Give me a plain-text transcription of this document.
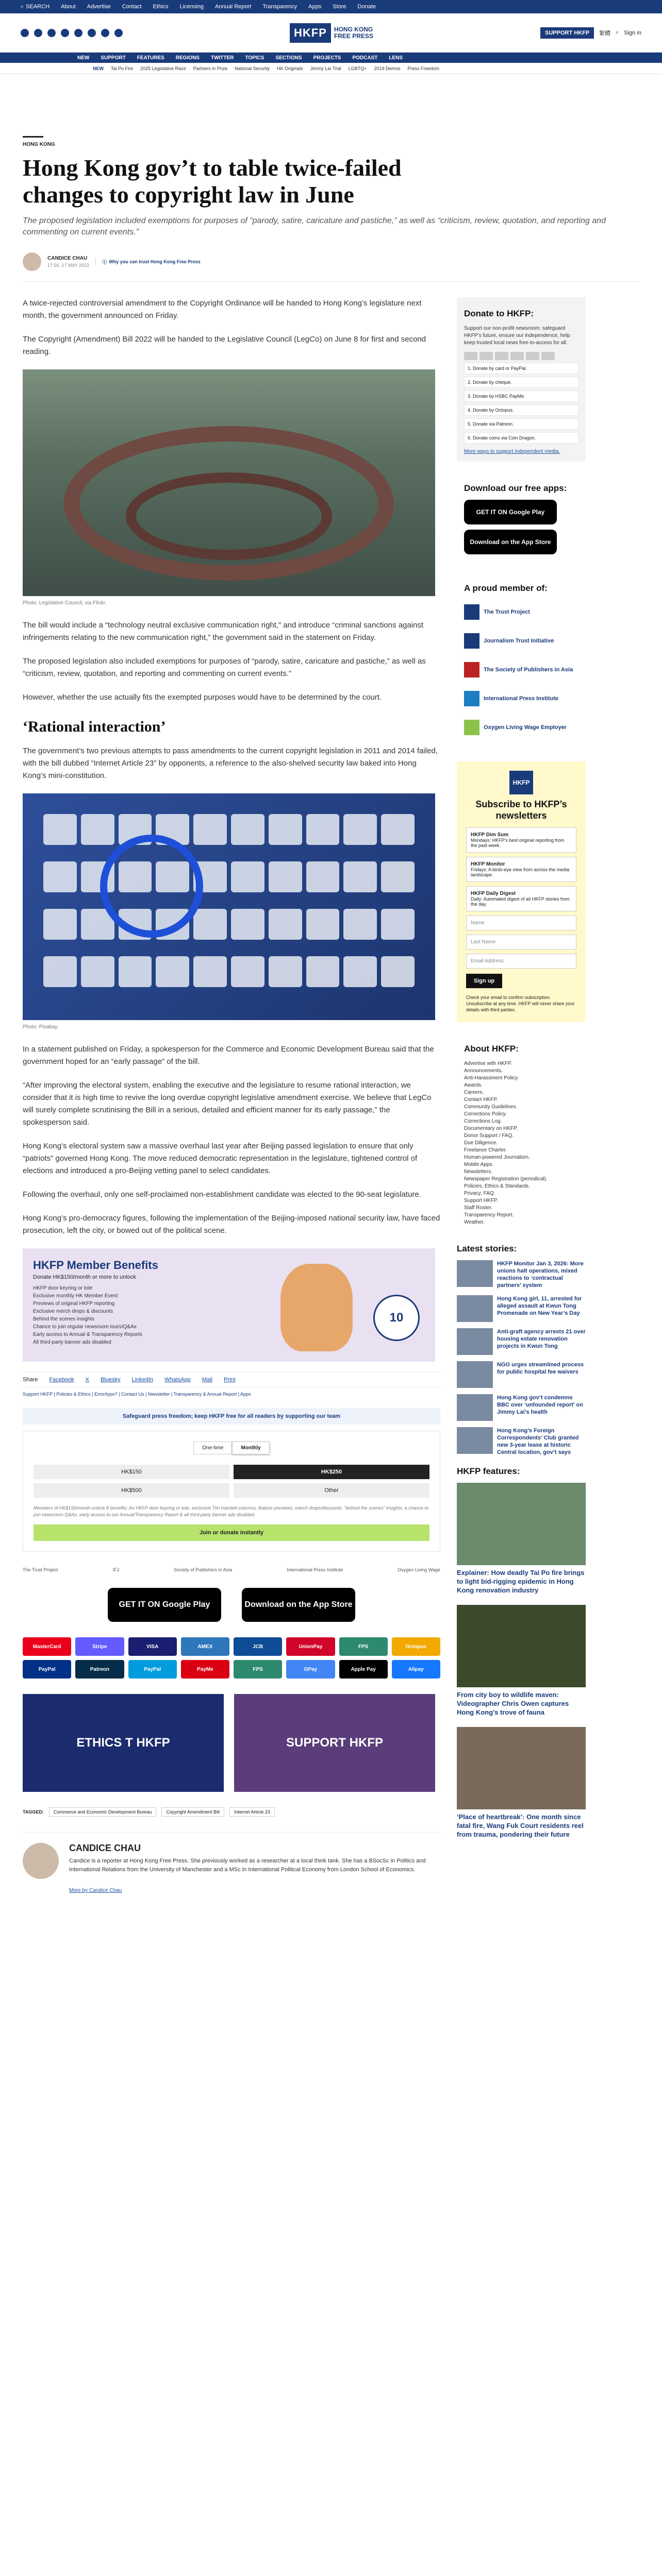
⌕ SEARCH About Advertise Contact Ethics Licensing Annual Report Transparency Apps Store Donate
HKFP	HONG KONG
FREE PRESS	SUPPORT HKFP	繁體 ⌕ Sign in
NEW SUPPORT FEATURES REGIONS TWITTER TOPICS SECTIONS PROJECTS PODCAST LENS
NEW Tai Po Fire 2025 Legislative Race Partners in Prize National Security HK Originals Jimmy Lai Trial LGBTQ+ 2019 Demos Press Freedom
HONG KONG
Hong Kong gov’t to table twice-failed changes to copyright law in June
The proposed legislation included exemptions for purposes of “parody, satire, caricature and pastiche,” as well as “criticism, review, quotation, and reporting and commenting on current events.”
CANDICE CHAU
17:56, 27 MAY 2022
ⓘ Why you can trust Hong Kong Free Press

A twice-rejected controversial amendment to the Copyright Ordinance will be handed to Hong Kong’s legislature next month, the government announced on Friday.

The Copyright (Amendment) Bill 2022 will be handed to the Legislative Council (LegCo) on June 8 for first and second reading.

Photo: Legislative Council, via Flickr.

The bill would include a “technology neutral exclusive communication right,” and introduce “criminal sanctions against infringements relating to the new communication right,” the government said in the statement on Friday.

The proposed legislation also included exemptions for purposes of “parody, satire, caricature and pastiche,” as well as “criticism, review, quotation, and reporting and commenting on current events.”

However, whether the use actually fits the exempted purposes would have to be determined by the court.

‘Rational interaction’

The government’s two previous attempts to pass amendments to the current copyright legislation in 2011 and 2014 failed, with the bill dubbed “Internet Article 23” by opponents, a reference to the also-shelved security law baked into Hong Kong’s mini-constitution.

Photo: Pixabay.

In a statement published on Friday, a spokesperson for the Commerce and Economic Development Bureau said that the government hoped for an “early passage” of the bill.

“After improving the electoral system, enabling the executive and the legislature to resume rational interaction, we consider that it is high time to revive the long overdue copyright legislative amendment exercise. We believe that LegCo will surely complete scrutinising the Bill in a serious, detailed and efficient manner for its early passage,” the spokesperson said.

Hong Kong’s electoral system saw a massive overhaul last year after Beijing passed legislation to ensure that only “patriots” governed Hong Kong. The move reduced democratic representation in the legislature, tightened control of elections and introduced a pro-Beijing vetting panel to select candidates.

Following the overhaul, only one self-proclaimed non-establishment candidate was elected to the 90-seat legislature.

Hong Kong’s pro-democracy figures, following the implementation of the Beijing-imposed national security law, have faced prosecution, left the city, or bowed out of the political scene.

HKFP Member Benefits
Donate HK$150/month or more to unlock
HKFP door keyring or tote
Exclusive monthly HK Member Event
Previews of original HKFP reporting
Exclusive merch drops & discounts
Behind the scenes insights
Chance to join regular newsroom tours/Q&As
Early access to Annual & Transparency Reports
All third-party banner ads disabled
10
Share Facebook X Bluesky LinkedIn WhatsApp Mail Print
Support HKFP | Policies & Ethics | Error/typo? | Contact Us | Newsletter | Transparency & Annual Report | Apps
Safeguard press freedom; keep HKFP free for all readers by supporting our team
One-time	Monthly
HK$150	HK$250
HK$500	Other
Members of HK$150/month unlock 8 benefits: An HKFP door keyring or tote, exclusive Tim Hamlett columns, feature previews, merch drops/discounts, “behind the scenes” insights, a chance to join newsroom Q&As, early access to our Annual/Transparency Report & all third-party banner ads disabled.
Join or donate instantly
The Trust Project	IFJ	Society of Publishers in Asia	International Press Institute	Oxygen Living Wage
GET IT ON Google Play	Download on the App Store
MasterCard	Stripe	VISA	AMEX	JCB	UnionPay	FPS	Octopus
PayPal	Patreon	PayPal	PayMe	FPS	GPay	Apple Pay	Alipay
ETHICS T HKFP	SUPPORT HKFP
TAGGED:	Commerce and Economic Development Bureau	Copyright Amendment Bill	Internet Article 23
CANDICE CHAU

Candice is a reporter at Hong Kong Free Press. She previously worked as a researcher at a local think tank. She has a BSocSc in Politics and International Relations from the University of Manchester and a MSc in International Political Economy from London School of Economics.

More by Candice Chau
Donate to HKFP:

Support our non-profit newsroom: safeguard HKFP’s future, ensure our independence, help keep trusted local news free-to-access for all.

1. Donate by card or PayPal.
2. Donate by cheque.
3. Donate by HSBC PayMe.
4. Donate by Octopus.
5. Donate via Patreon.
6. Donate coins via Coin Dragon.
More ways to support independent media.
Download our free apps:
GET IT ON Google Play
Download on the App Store
A proud member of:
The Trust Project
Journalism Trust Initiative
The Society of Publishers in Asia
International Press Institute
Oxygen Living Wage Employer
HKFP
Subscribe to HKFP’s newsletters
HKFP Dim Sum
Mondays: HKFP’s best original reporting from the past week.
HKFP Monitor
Fridays: A birds-eye view from across the media landscape.
HKFP Daily Digest
Daily: Automated digest of all HKFP stories from the day.
Name
Last Name
Email Address
Sign up
Check your email to confirm subscription. Unsubscribe at any time. HKFP will never share your details with third parties.
About HKFP:
Advertise with HKFP.
Announcements.
Anti-Harassment Policy.
Awards.
Careers.
Contact HKFP.
Community Guidelines.
Corrections Policy.
Corrections Log.
Documentary on HKFP.
Donor Support / FAQ.
Due Diligence.
Freelance Charter.
Human-powered Journalism.
Mobile Apps.
Newsletters.
Newspaper Registration (periodical).
Policies, Ethics & Standards.
Privacy, FAQ.
Support HKFP.
Staff Roster.
Transparency Report.
Weather.
Latest stories:
HKFP Monitor Jan 3, 2026: More unions halt operations, mixed reactions to ‘contractual partners’ system
Hong Kong girl, 11, arrested for alleged assault at Kwun Tong Promenade on New Year’s Day
Anti-graft agency arrests 21 over housing estate renovation projects in Kwun Tong
NGO urges streamlined process for public hospital fee waivers
Hong Kong gov’t condemns BBC over ‘unfounded report’ on Jimmy Lai’s health
Hong Kong’s Foreign Correspondents’ Club granted new 3-year lease at historic Central location, gov’t says
HKFP features:
Explainer: How deadly Tai Po fire brings to light bid-rigging epidemic in Hong Kong renovation industry
From city boy to wildlife maven: Videographer Chris Owen captures Hong Kong’s trove of fauna
‘Place of heartbreak’: One month since fatal fire, Wang Fuk Court residents reel from trauma, pondering their future
